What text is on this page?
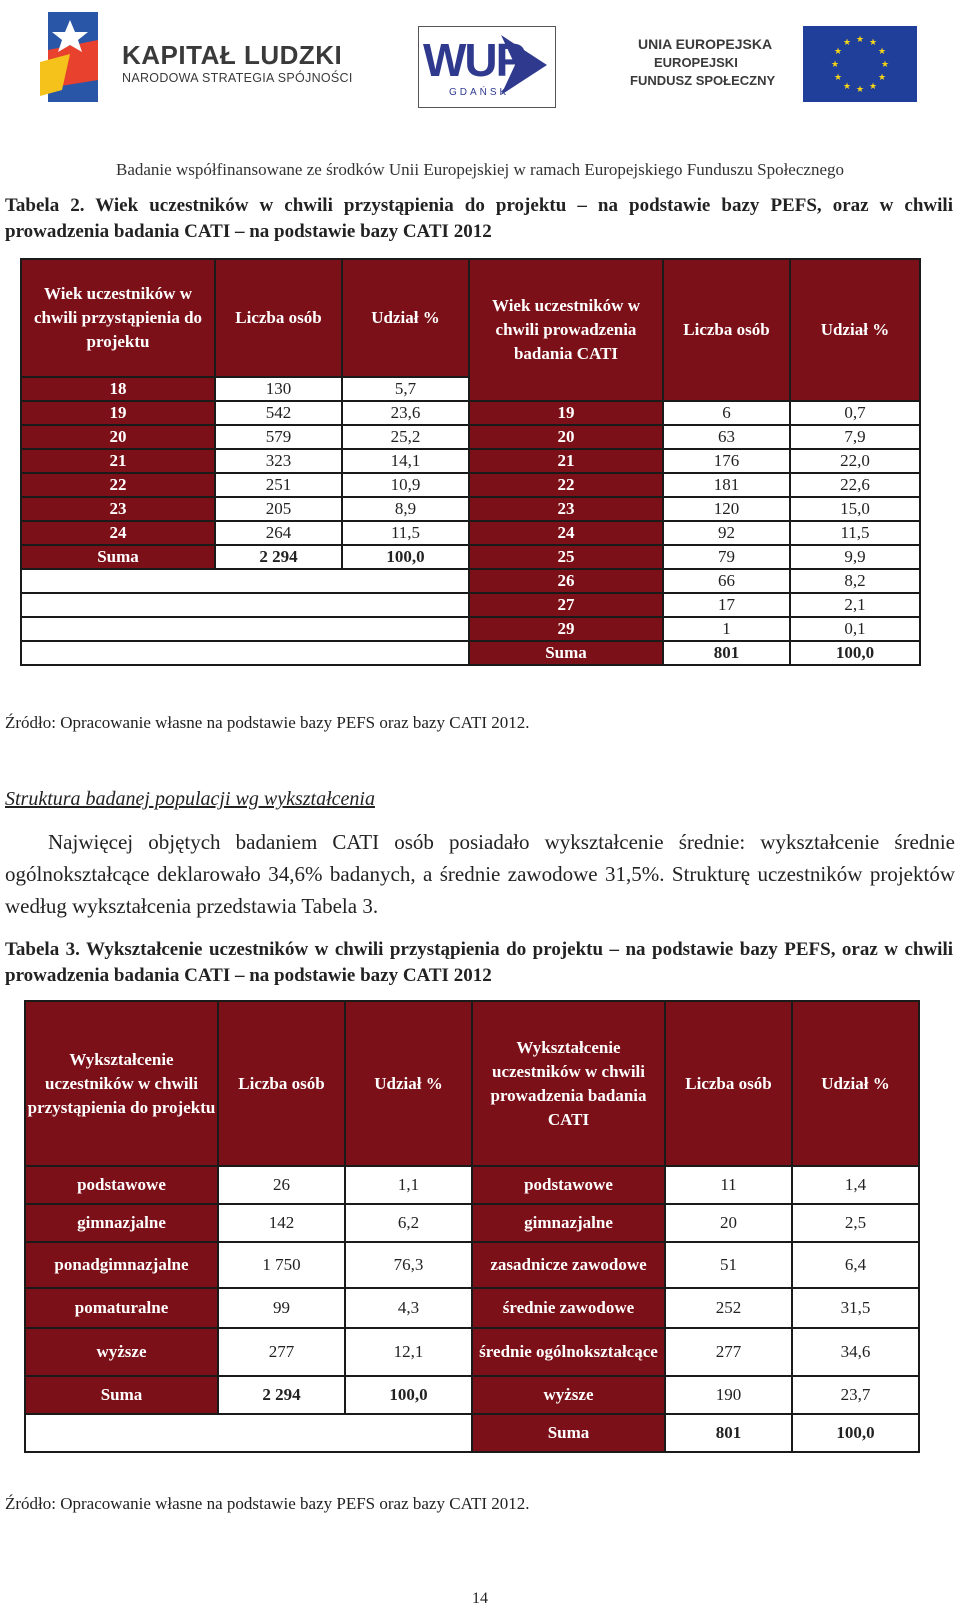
KAPITAŁ LUDZKI
NARODOWA STRATEGIA SPÓJNOŚCI WUP
GDAŃSK
UNIA EUROPEJSKA
EUROPEJSKI
FUNDUSZ SPOŁECZNY
★ ★
★
★
★
★
★
★
★
★
★
★
Badanie współfinansowane ze środków Unii Europejskiej w ramach Europejskiego Funduszu Społecznego
Tabela 2. Wiek uczestników w chwili przystąpienia do projektu – na podstawie bazy PEFS, oraz w chwili prowadzenia badania CATI – na podstawie bazy CATI 2012
Wiek uczestników w chwili przystąpienia do projektu	Liczba osób	Udział %	Wiek uczestników w chwili prowadzenia badania CATI	Liczba osób	Udział %
18	130	5,7			
19	542	23,6	19	6	0,7
20	579	25,2	20	63	7,9
21	323	14,1	21	176	22,0
22	251	10,9	22	181	22,6
23	205	8,9	23	120	15,0
24	264	11,5	24	92	11,5
Suma	2 294	100,0	25	79	9,9
			26	66	8,2
			27	17	2,1
			29	1	0,1
			Suma	801	100,0
Źródło: Opracowanie własne na podstawie bazy PEFS oraz bazy CATI 2012.
Struktura badanej populacji wg wykształcenia
Najwięcej objętych badaniem CATI osób posiadało wykształcenie średnie: wykształcenie średnie ogólnokształcące deklarowało 34,6% badanych, a średnie zawodowe 31,5%. Strukturę uczestników projektów według wykształcenia przedstawia Tabela 3.
Tabela 3. Wykształcenie uczestników w chwili przystąpienia do projektu – na podstawie bazy PEFS, oraz w chwili prowadzenia badania CATI – na podstawie bazy CATI 2012
Wykształcenie uczestników w chwili przystąpienia do projektu	Liczba osób	Udział %	Wykształcenie uczestników w chwili prowadzenia badania CATI	Liczba osób	Udział %
podstawowe	26	1,1	podstawowe	11	1,4
gimnazjalne	142	6,2	gimnazjalne	20	2,5
ponadgimnazjalne	1 750	76,3	zasadnicze zawodowe	51	6,4
pomaturalne	99	4,3	średnie zawodowe	252	31,5
wyższe	277	12,1	średnie ogólnokształcące	277	34,6
Suma	2 294	100,0	wyższe	190	23,7
			Suma	801	100,0
Źródło: Opracowanie własne na podstawie bazy PEFS oraz bazy CATI 2012.
14
